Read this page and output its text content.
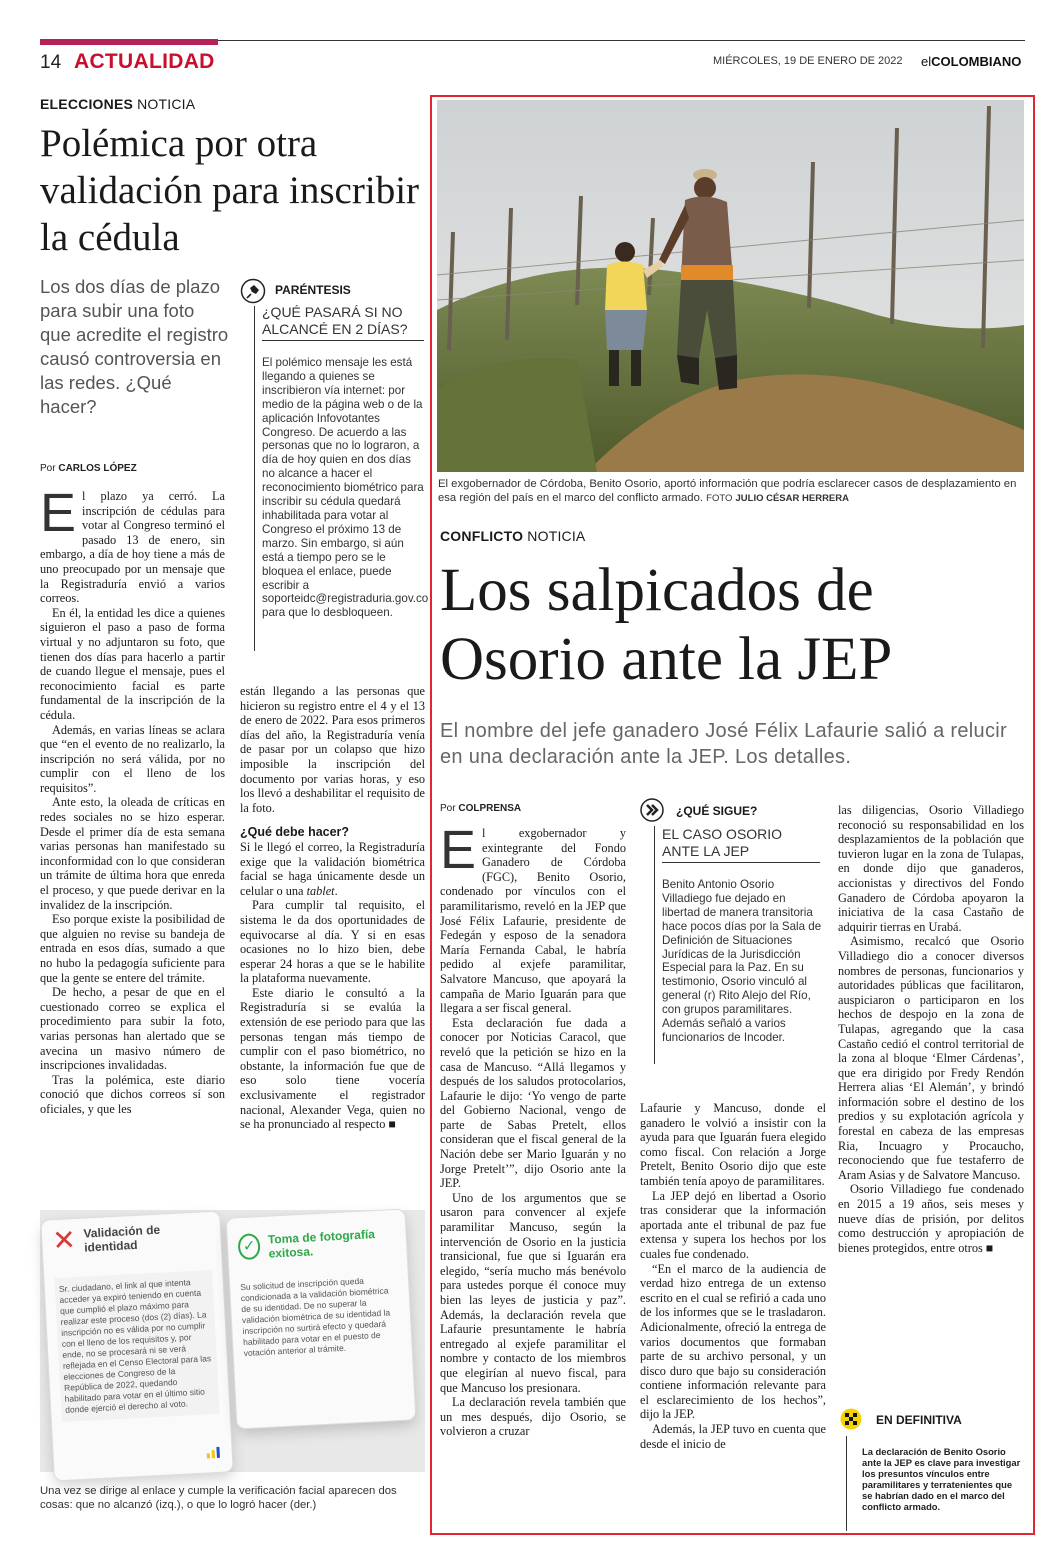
14 ACTUALIDAD	MIÉRCOLES, 19 DE ENERO DE 2022 elCOLOMBIANO
ELECCIONES NOTICIA
Polémica por otra validación para inscribir la cédula
Los dos días de plazo para subir una foto que acredite el registro causó controversia en las redes. ¿Qué hacer?
Por CARLOS LÓPEZ
PARÉNTESIS
¿QUÉ PASARÁ SI NO ALCANCÉ EN 2 DÍAS?
El polémico mensaje les está llegando a quienes se inscribieron vía internet: por medio de la página web o de la aplicación Infovotantes Congreso. De acuerdo a las personas que no lo lograron, a día de hoy quien en dos días no alcance a hacer el reconocimiento biométrico para inscribir su cédula quedará inhabilitada para votar al Congreso el próximo 13 de marzo. Sin embargo, si aún está a tiempo pero se le bloquea el enlace, puede escribir a soporteidc@registraduria.gov.co para que lo desbloqueen.

El plazo ya cerró. La inscripción de cédulas para votar al Congreso terminó el pasado 13 de enero, sin embargo, a día de hoy tiene a más de uno preocupado por un mensaje que la Registraduría envió a varios correos.

En él, la entidad les dice a quienes siguieron el paso a paso de forma virtual y no adjuntaron su foto, que tienen dos días para hacerlo a partir de cuando llegue el mensaje, pues el reconocimiento facial es parte fundamental de la inscripción de la cédula.

Además, en varias líneas se aclara que “en el evento de no realizarlo, la inscripción no será válida, por no cumplir con el lleno de los requisitos”.

Ante esto, la oleada de críticas en redes sociales no se hizo esperar. Desde el primer día de esta semana varias personas han manifestado su inconformidad con lo que consideran un trámite de última hora que enreda el proceso, y que puede derivar en la invalidez de la inscripción.

Eso porque existe la posibilidad de que alguien no revise su bandeja de entrada en esos días, sumado a que no hubo la pedagogía suficiente para que la gente se entere del trámite.

De hecho, a pesar de que en el cuestionado correo se explica el procedimiento para subir la foto, varias personas han alertado que se avecina un masivo número de inscripciones invalidadas.

Tras la polémica, este diario conoció que dichos correos sí son oficiales, y que les

están llegando a las personas que hicieron su registro entre el 4 y el 13 de enero de 2022. Para esos primeros días del año, la Registraduría venía de pasar por un colapso que hizo imposible la inscripción del documento por varias horas, y eso los llevó a deshabilitar el requisito de la foto.

¿Qué debe hacer?

Si le llegó el correo, la Registraduría exige que la validación biométrica facial se haga únicamente desde un celular o una tablet.

Para cumplir tal requisito, el sistema le da dos oportunidades de equivocarse al día. Y si en esas ocasiones no lo hizo bien, debe esperar 24 horas a que se le habilite la plataforma nuevamente.

Este diario le consultó a la Registraduría si se evalúa la extensión de ese periodo para que las personas tengan más tiempo de cumplir con el paso biométrico, no obstante, la información fue que de eso solo tiene vocería exclusivamente el registrador nacional, Alexander Vega, quien no se ha pronunciado al respecto ■

✕ Validación de identidad
Sr. ciudadano, el link al que intenta acceder ya expiró teniendo en cuenta que cumplió el plazo máximo para realizar este proceso (dos (2) días). La inscripción no es válida por no cumplir con el lleno de los requisitos y, por ende, no se procesará ni se verá reflejada en el Censo Electoral para las elecciones de Congreso de la República de 2022, quedando habilitado para votar en el último sitio donde ejerció el derecho al voto.
✓ Toma de fotografía exitosa.
Su solicitud de inscripción queda condicionada a la validación biométrica de su identidad. De no superar la validación biométrica de su identidad la inscripción no surtirá efecto y quedará habilitado para votar en el puesto de votación anterior al trámite.
Una vez se dirige al enlace y cumple la verificación facial aparecen dos cosas: que no alcanzó (izq.), o que lo logró hacer (der.)
El exgobernador de Córdoba, Benito Osorio, aportó información que podría esclarecer casos de desplazamiento en esa región del país en el marco del conflicto armado. FOTO JULIO CÉSAR HERRERA
CONFLICTO NOTICIA
Los salpicados de Osorio ante la JEP
El nombre del jefe ganadero José Félix Lafaurie salió a relucir en una declaración ante la JEP. Los detalles.
Por COLPRENSA

El exgobernador y exintegrante del Fondo Ganadero de Córdoba (FGC), Benito Osorio, condenado por vínculos con el paramilitarismo, reveló en la JEP que José Félix Lafaurie, presidente de Fedegán y esposo de la senadora María Fernanda Cabal, le habría pedido al exjefe paramilitar, Salvatore Mancuso, que apoyará la campaña de Mario Iguarán para que llegara a ser fiscal general.

Esta declaración fue dada a conocer por Noticias Caracol, que reveló que la petición se hizo en la casa de Mancuso. “Allá llegamos y después de los saludos protocolarios, Lafaurie le dijo: ‘Yo vengo de parte del Gobierno Nacional, vengo de parte de Sabas Pretelt, ellos consideran que el fiscal general de la Nación debe ser Mario Iguarán y no Jorge Pretelt’”, dijo Osorio ante la JEP.

Uno de los argumentos que se usaron para convencer al exjefe paramilitar Mancuso, según la intervención de Osorio en la justicia transicional, fue que si Iguarán era elegido, “sería mucho más benévolo para ustedes porque él conoce muy bien las leyes de justicia y paz”. Además, la declaración revela que Lafaurie presuntamente le habría entregado al exjefe paramilitar el nombre y contacto de los miembros que elegirían al nuevo fiscal, para que Mancuso los presionara.

La declaración revela también que un mes después, dijo Osorio, se volvieron a cruzar

¿QUÉ SIGUE?
EL CASO OSORIO ANTE LA JEP
Benito Antonio Osorio Villadiego fue dejado en libertad de manera transitoria hace pocos días por la Sala de Definición de Situaciones Jurídicas de la Jurisdicción Especial para la Paz. En su testimonio, Osorio vinculó al general (r) Rito Alejo del Río, con grupos paramilitares. Además señaló a varios funcionarios de Incoder.

Lafaurie y Mancuso, donde el ganadero le volvió a insistir con la ayuda para que Iguarán fuera elegido como fiscal. Con relación a Jorge Pretelt, Benito Osorio dijo que este también tenía apoyo de paramilitares.

La JEP dejó en libertad a Osorio tras considerar que la información aportada ante el tribunal de paz fue extensa y supera los hechos por los cuales fue condenado.

“En el marco de la audiencia de verdad hizo entrega de un extenso escrito en el cual se refirió a cada uno de los informes que se le trasladaron. Adicionalmente, ofreció la entrega de varios documentos que formaban parte de su archivo personal, y un disco duro que bajo su consideración contiene información relevante para el esclarecimiento de los hechos”, dijo la JEP.

Además, la JEP tuvo en cuenta que desde el inicio de

las diligencias, Osorio Villadiego reconoció su responsabilidad en los desplazamientos de la población que tuvieron lugar en la zona de Tulapas, en donde dijo que ganaderos, accionistas y directivos del Fondo Ganadero de Córdoba apoyaron la iniciativa de la casa Castaño de adquirir tierras en Urabá.

Asimismo, recalcó que Osorio Villadiego dio a conocer diversos nombres de personas, funcionarios y autoridades públicas que facilitaron, auspiciaron o participaron en los hechos de despojo en la zona de Tulapas, agregando que la casa Castaño cedió el control territorial de la zona al bloque ‘Elmer Cárdenas’, que era dirigido por Fredy Rendón Herrera alias ‘El Alemán’, y brindó información sobre el destino de los predios y su explotación agrícola y forestal en cabeza de las empresas Ria, Incuagro y Procaucho, reconociendo que fue testaferro de Aram Asias y de Salvatore Mancuso.

Osorio Villadiego fue condenado en 2015 a 19 años, seis meses y nueve días de prisión, por delitos como destrucción y apropiación de bienes protegidos, entre otros ■

EN DEFINITIVA
La declaración de Benito Osorio ante la JEP es clave para investigar los presuntos vínculos entre paramilitares y terratenientes que se habrían dado en el marco del conflicto armado.
